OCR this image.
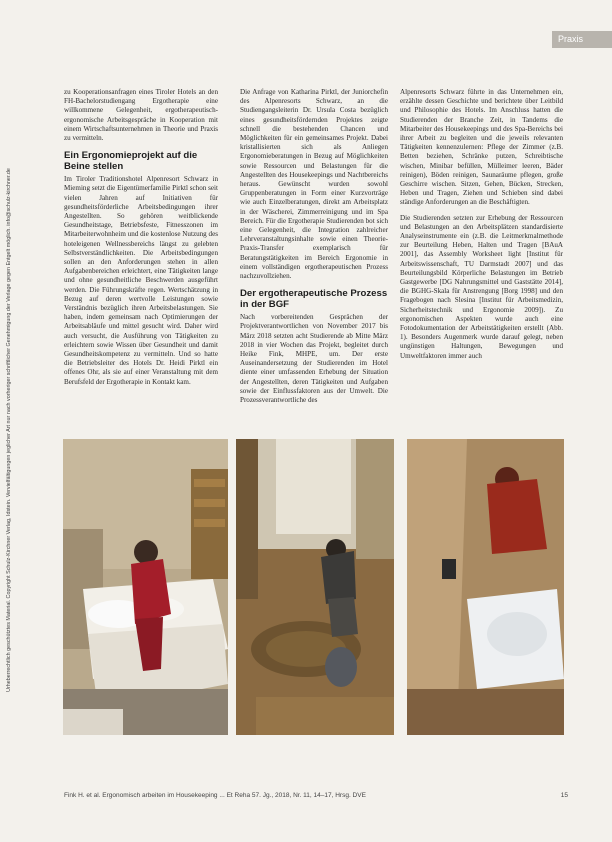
Urheberrechtlich geschütztes Material. Copyright Schulz-Kirchner Verlag, Idstein. Vervielfältigungen jeglicher Art nur nach vorheriger schriftlicher Genehmigung der Verlage gegen Entgelt möglich. info@schulz-kirchner.de
Praxis

zu Kooperationsanfragen eines Tiroler Hotels an den FH-Bachelorstudiengang Ergotherapie eine willkommene Gelegenheit, ergotherapeutisch-ergonomische Arbeitsgespräche in Kooperation mit einem Wirtschaftsunternehmen in Theorie und Praxis zu vermitteln.

Ein Ergonomieprojekt auf die Beine stellen

Im Tiroler Traditionshotel Alpenresort Schwarz in Mieming setzt die Eigentümerfamilie Pirktl schon seit vielen Jahren auf Initiativen für gesundheitsförderliche Arbeitsbedingungen ihrer Angestellten. So gehören weitblickende Gesundheitstage, Betriebsfeste, Fitnesszonen im Mitarbeiterwohnheim und die kostenlose Nutzung des hoteleigenen Wellnessbereichs längst zu gelebten Selbstverständlichkeiten. Die Arbeitsbedingungen sollen an den Anforderungen stehen in allen Aufgabenbereichen erleichtert, eine Tätigkeiten lange und ohne gesundheitliche Beschwerden ausgeführt werden. Die Führungskräfte regen. Wertschätzung in Bezug auf deren wertvolle Leistungen sowie Verständnis bezüglich ihren Arbeitsbelastungen. Sie haben, indem gemeinsam nach Optimierungen der Arbeitsabläufe und mittel gesucht wird. Daher wird auch versucht, die Ausführung von Tätigkeiten zu erleichtern sowie Wissen über Gesundheit und damit Gesundheitskompetenz zu vermitteln. Und so hatte die Betriebsleiter des Hotels Dr. Heidi Pirktl ein offenes Ohr, als sie auf einer Veranstaltung mit dem Berufsfeld der Ergotherapie in Kontakt kam.

Die Anfrage von Katharina Pirktl, der Juniorchefin des Alpenresorts Schwarz, an die Studiengangsleiterin Dr. Ursula Costa bezüglich eines gesundheitsfördernden Projektes zeigte schnell die bestehenden Chancen und Möglichkeiten für ein gemeinsames Projekt. Dabei kristallisierten sich als Anliegen Ergonomieberatungen in Bezug auf Möglichkeiten sowie Ressourcen und Belastungen für die Angestellten des Housekeepings und Nachtbereichs heraus. Gewünscht wurden sowohl Gruppenberatungen in Form einer Kurzvorträge wie auch Einzelberatungen, direkt am Arbeitsplatz in der Wäscherei, Zimmerreinigung und im Spa Bereich. Für die Ergotherapie Studierenden bot sich eine Gelegenheit, die Integration zahlreicher Lehrveranstaltungsinhalte sowie einen Theorie-Praxis-Transfer exemplarisch für Beratungstätigkeiten im Bereich Ergonomie in einem vollständigen ergotherapeutischen Prozess nachzuvollziehen.

Der ergotherapeutische Prozess in der BGF

Nach vorbereitenden Gesprächen der Projektverantwortlichen von November 2017 bis März 2018 setzten acht Studierende ab Mitte März 2018 in vier Wochen das Projekt, begleitet durch Heike Fink, MHPE, um. Der erste Auseinandersetzung der Studierenden im Hotel diente einer umfassenden Erhebung der Situation der Angestellten, deren Tätigkeiten und Aufgaben sowie der Einflussfaktoren aus der Umwelt. Die Prozessverantwortliche des

Alpenresorts Schwarz führte in das Unternehmen ein, erzählte dessen Geschichte und berichtete über Leitbild und Philosophie des Hotels. Im Anschluss hatten die Studierenden der Branche Zeit, in Tandems die Mitarbeiter des Housekeepings und des Spa-Bereichs bei ihrer Arbeit zu begleiten und die jeweils relevanten Tätigkeiten kennenzulernen: Pflege der Zimmer (z.B. Betten beziehen, Schränke putzen, Schreibtische wischen, Minibar befüllen, Mülleimer leeren, Bäder reinigen), Böden reinigen, Saunaräume pflegen, große Geschirre wischen. Sitzen, Gehen, Bücken, Strecken, Heben und Tragen, Ziehen und Schieben sind dabei ständige Anforderungen an die Beschäftigten.

Die Studierenden setzten zur Erhebung der Ressourcen und Belastungen an den Arbeitsplätzen standardisierte Analyseinstrumente ein (z.B. die Leitmerkmalmethode zur Beurteilung Heben, Halten und Tragen [BAuA 2001], das Assembly Worksheet light [Institut für Arbeitswissenschaft, TU Darmstadt 2007] und das Beurteilungsbild Körperliche Belastungen im Betrieb Gastgewerbe [DG Nahrungsmittel und Gaststätte 2014], die BGHG-Skala für Anstrengung [Borg 1998] und den Fragebogen nach Slesina [Institut für Arbeitsmedizin, Sicherheitstechnik und Ergonomie 2009]). Zu ergonomischen Aspekten wurde auch eine Fotodokumentation der Arbeitstätigkeiten erstellt (Abb. 1). Besonders Augenmerk wurde darauf gelegt, neben ungünstigen Haltungen, Bewegungen und Umweltfaktoren immer auch

Fink H. et al. Ergonomisch arbeiten im Housekeeping ... Et Reha 57. Jg., 2018, Nr. 11, 14–17, Hrsg. DVE	15
